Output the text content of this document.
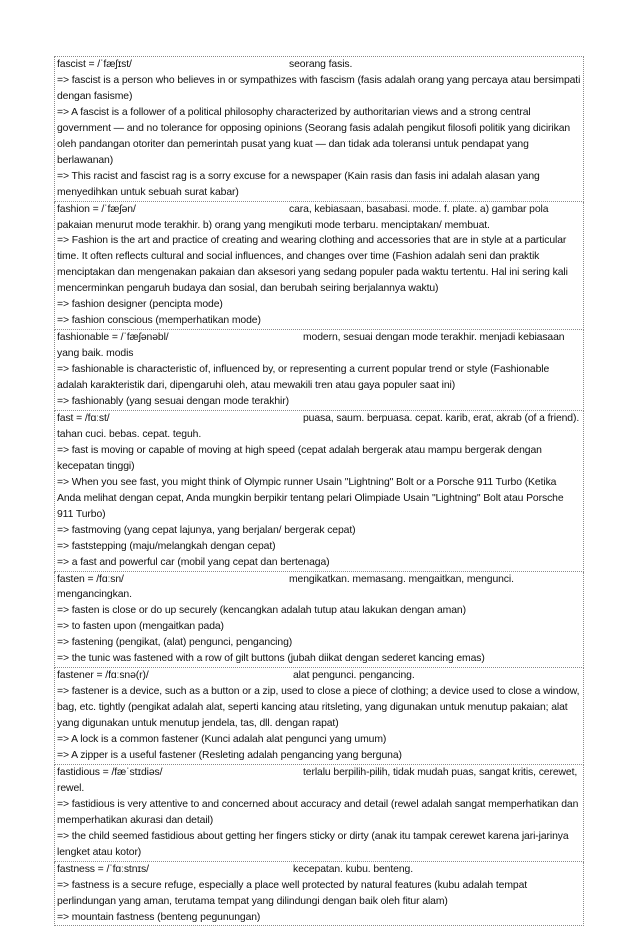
fascist = /ˈfæʃɪst/	seorang fasis.
=> fascist is a person who believes in or sympathizes with fascism (fasis adalah orang yang percaya atau bersimpati dengan fasisme)
=> A fascist is a follower of a political philosophy characterized by authoritarian views and a strong central government — and no tolerance for opposing opinions (Seorang fasis adalah pengikut filosofi politik yang dicirikan oleh pandangan otoriter dan pemerintah pusat yang kuat — dan tidak ada toleransi untuk pendapat yang berlawanan)
=> This racist and fascist rag is a sorry excuse for a newspaper (Kain rasis dan fasis ini adalah alasan yang menyedihkan untuk sebuah surat kabar)
fashion = /ˈfæʃən/	cara, kebiasaan, basabasi. mode. f. plate. a) gambar pola pakaian menurut mode terakhir. b) orang yang mengikuti mode terbaru. menciptakan/ membuat.
=> Fashion is the art and practice of creating and wearing clothing and accessories that are in style at a particular time. It often reflects cultural and social influences, and changes over time (Fashion adalah seni dan praktik menciptakan dan mengenakan pakaian dan aksesori yang sedang populer pada waktu tertentu. Hal ini sering kali mencerminkan pengaruh budaya dan sosial, dan berubah seiring berjalannya waktu)
=> fashion designer (pencipta mode)
=> fashion conscious (memperhatikan mode)
fashionable = /ˈfæʃənəbl/	modern, sesuai dengan mode terakhir. menjadi kebiasaan yang baik. modis
=> fashionable is characteristic of, influenced by, or representing a current popular trend or style (Fashionable adalah karakteristik dari, dipengaruhi oleh, atau mewakili tren atau gaya populer saat ini)
=> fashionably (yang sesuai dengan mode terakhir)
fast = /fɑːst/	puasa, saum. berpuasa. cepat. karib, erat, akrab (of a friend). tahan cuci. bebas. cepat. teguh.
=> fast is moving or capable of moving at high speed (cepat adalah bergerak atau mampu bergerak dengan kecepatan tinggi)
=> When you see fast, you might think of Olympic runner Usain "Lightning" Bolt or a Porsche 911 Turbo (Ketika Anda melihat dengan cepat, Anda mungkin berpikir tentang pelari Olimpiade Usain "Lightning" Bolt atau Porsche 911 Turbo)
=> fastmoving (yang cepat lajunya, yang berjalan/ bergerak cepat)
=> faststepping (maju/melangkah dengan cepat)
=> a fast and powerful car (mobil yang cepat dan bertenaga)
fasten = /fɑːsn/	mengikatkan. memasang. mengaitkan, mengunci. mengancingkan.
=> fasten is close or do up securely (kencangkan adalah tutup atau lakukan dengan aman)
=> to fasten upon (mengaitkan pada)
=> fastening (pengikat, (alat) pengunci, pengancing)
=> the tunic was fastened with a row of gilt buttons (jubah diikat dengan sederet kancing emas)
fastener = /fɑːsnə(r)/	alat pengunci. pengancing.
=> fastener is a device, such as a button or a zip, used to close a piece of clothing; a device used to close a window, bag, etc. tightly (pengikat adalah alat, seperti kancing atau ritsleting, yang digunakan untuk menutup pakaian; alat yang digunakan untuk menutup jendela, tas, dll. dengan rapat)
=> A lock is a common fastener (Kunci adalah alat pengunci yang umum)
=> A zipper is a useful fastener (Resleting adalah pengancing yang berguna)
fastidious = /fæˈstɪdiəs/	terlalu berpilih-pilih, tidak mudah puas, sangat kritis, cerewet, rewel.
=> fastidious is very attentive to and concerned about accuracy and detail (rewel adalah sangat memperhatikan dan memperhatikan akurasi dan detail)
=> the child seemed fastidious about getting her fingers sticky or dirty (anak itu tampak cerewet karena jari-jarinya lengket atau kotor)
fastness = /ˈfɑːstnɪs/	kecepatan. kubu. benteng.
=> fastness is a secure refuge, especially a place well protected by natural features (kubu adalah tempat perlindungan yang aman, terutama tempat yang dilindungi dengan baik oleh fitur alam)
=> mountain fastness (benteng pegunungan)
